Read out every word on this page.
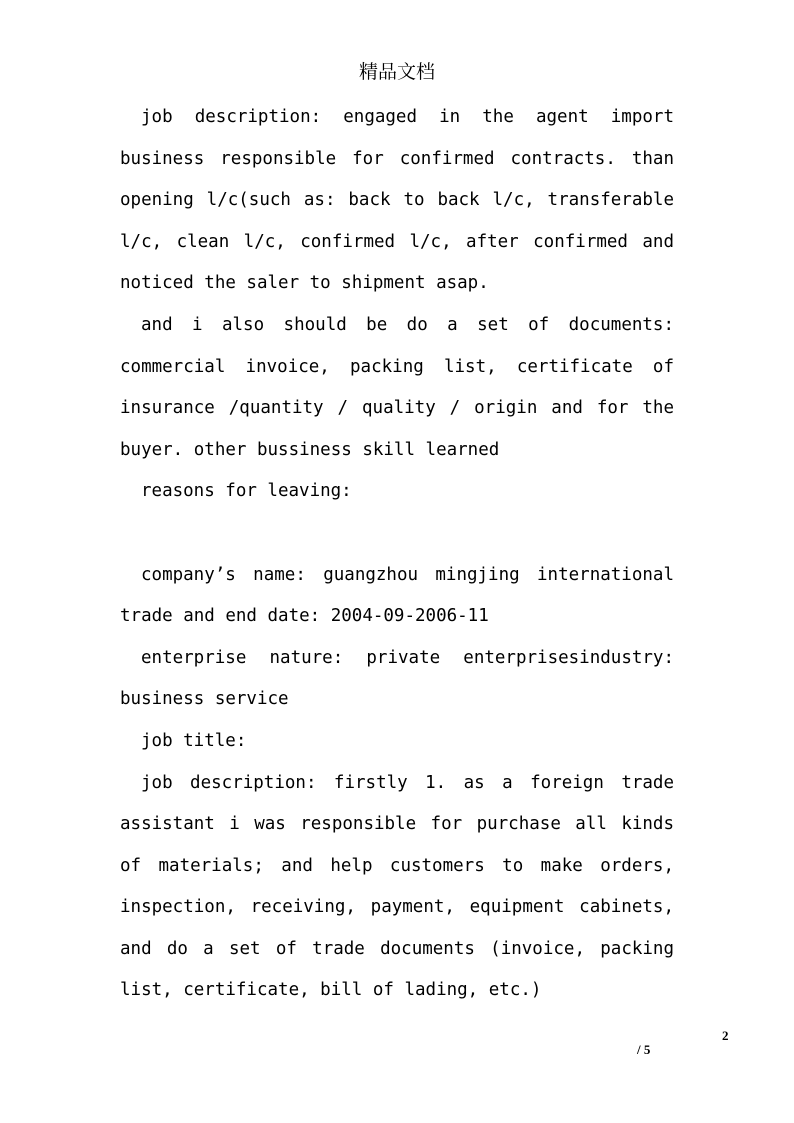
精品文档

job description: engaged in the agent import business responsible for confirmed contracts. than opening l/c(such as: back to back l/c, transferable l/c, clean l/c, confirmed l/c, after confirmed and noticed the saler to shipment asap.

and i also should be do a set of documents: commercial invoice, packing list, certificate of insurance /quantity / quality / origin and for the buyer. other bussiness skill learned

reasons for leaving:

company’s name: guangzhou mingjing international trade and end date: 2004-09-2006-11

enterprise nature: private enterprisesindustry: business service

job title:

job description: firstly 1. as a foreign trade assistant i was responsible for purchase all kinds of materials; and help customers to make orders, inspection, receiving, payment, equipment cabinets, and do a set of trade documents (invoice, packing list, certificate, bill of lading, etc.)

2
/ 5
